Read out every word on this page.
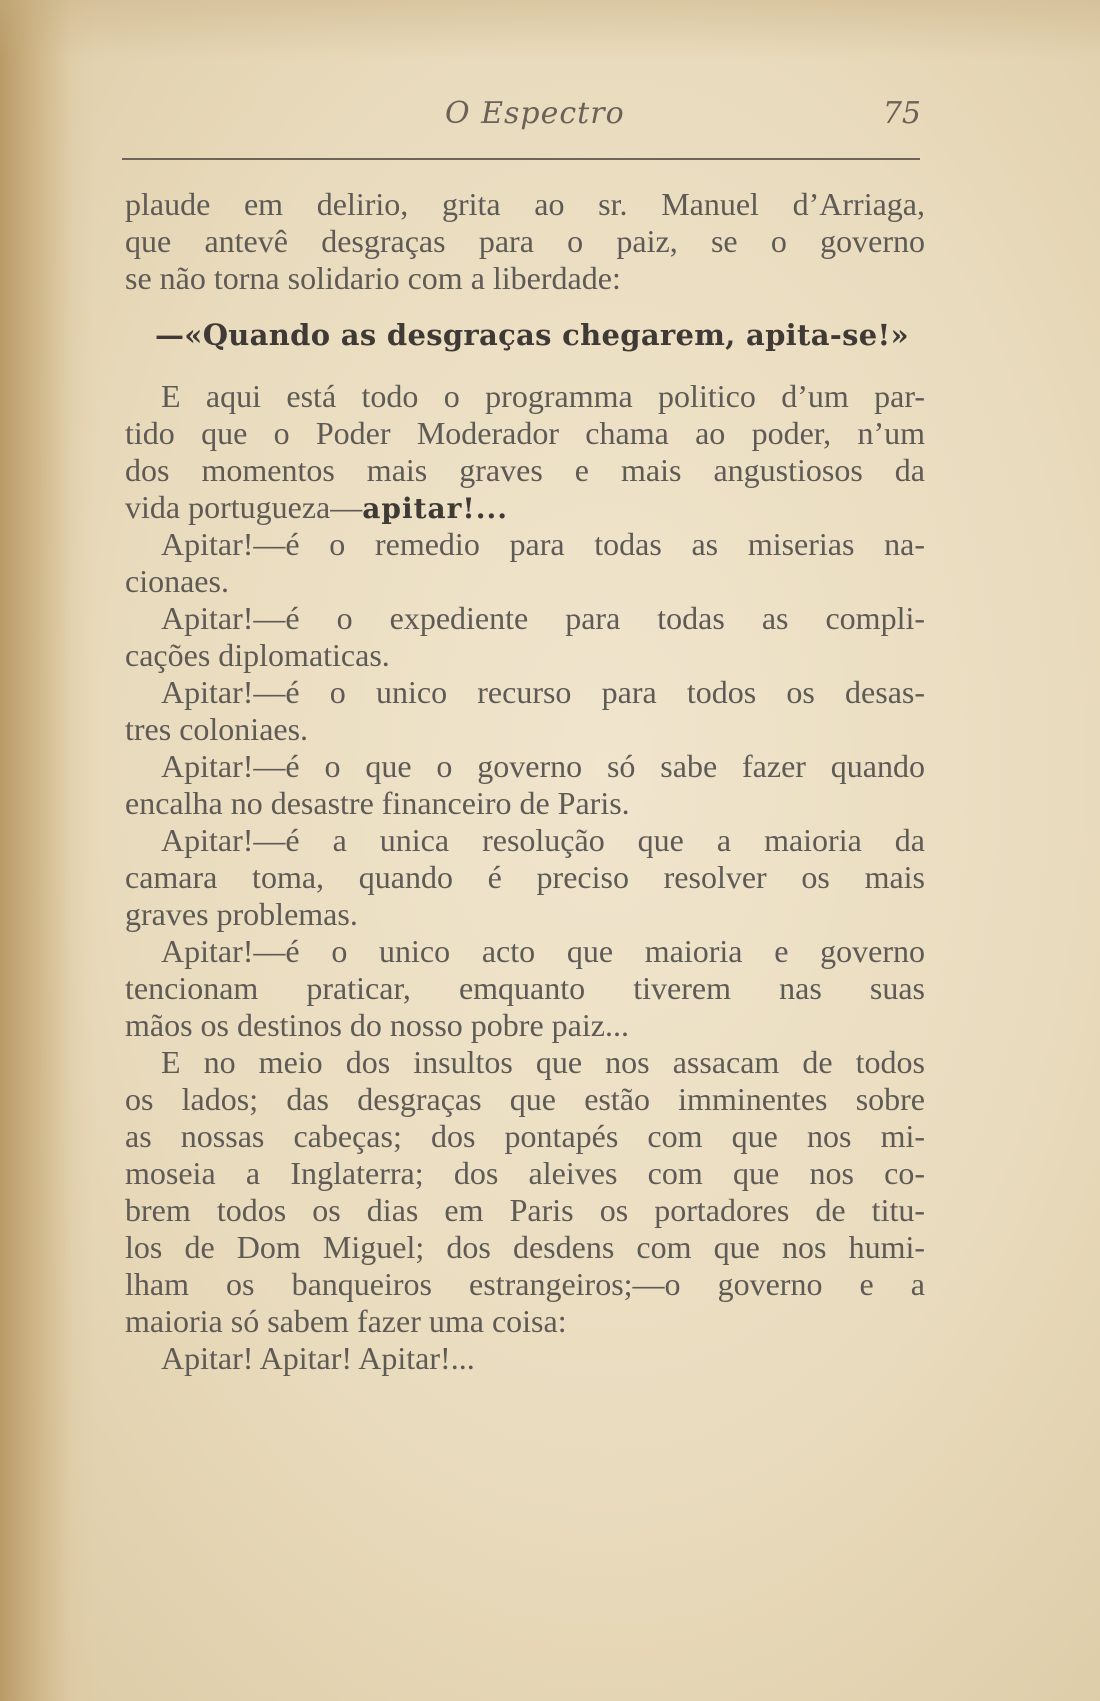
O Espectro	75
plaude em delirio, grita ao sr. Manuel d’Arriaga,
que antevê desgraças para o paiz, se o governo
se não torna solidario com a liberdade:
—«Quando as desgraças chegarem, apita-se!»
E aqui está todo o programma politico d’um par-
tido que o Poder Moderador chama ao poder, n’um
dos momentos mais graves e mais angustiosos da
vida portugueza—apitar!...
Apitar!—é o remedio para todas as miserias na-
cionaes.
Apitar!—é o expediente para todas as compli-
cações diplomaticas.
Apitar!—é o unico recurso para todos os desas-
tres coloniaes.
Apitar!—é o que o governo só sabe fazer quando
encalha no desastre financeiro de Paris.
Apitar!—é a unica resolução que a maioria da
camara toma, quando é preciso resolver os mais
graves problemas.
Apitar!—é o unico acto que maioria e governo
tencionam praticar, emquanto tiverem nas suas
mãos os destinos do nosso pobre paiz...
E no meio dos insultos que nos assacam de todos
os lados; das desgraças que estão imminentes sobre
as nossas cabeças; dos pontapés com que nos mi-
moseia a Inglaterra; dos aleives com que nos co-
brem todos os dias em Paris os portadores de titu-
los de Dom Miguel; dos desdens com que nos humi-
lham os banqueiros estrangeiros;—o governo e a
maioria só sabem fazer uma coisa:
Apitar! Apitar! Apitar!...
